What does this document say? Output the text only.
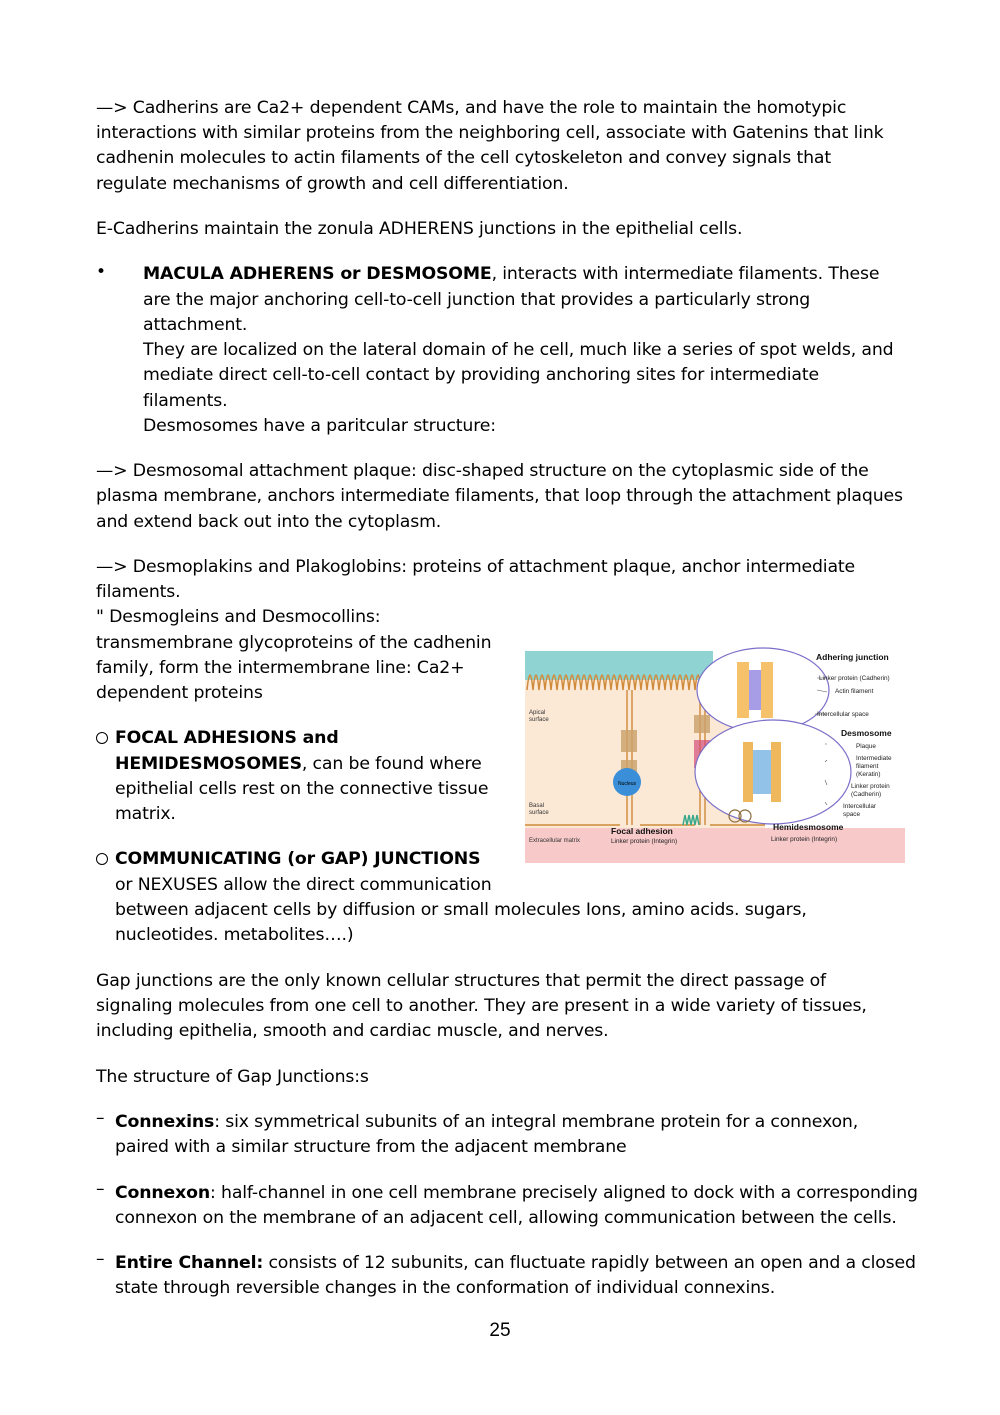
—> Cadherins are Ca2+ dependent CAMs, and have the role to maintain the homotypic
interactions with similar proteins from the neighboring cell, associate with Gatenins that link
cadhenin molecules to actin filaments of the cell cytoskeleton and convey signals that
regulate mechanisms of growth and cell differentiation.
E-Cadherins maintain the zonula ADHERENS junctions in the epithelial cells.
• MACULA ADHERENS or DESMOSOME, interacts with intermediate filaments. These
are the major anchoring cell-to-cell junction that provides a particularly strong
attachment.
They are localized on the lateral domain of he cell, much like a series of spot welds, and
mediate direct cell-to-cell contact by providing anchoring sites for intermediate
filaments.
Desmosomes have a paritcular structure:
—> Desmosomal attachment plaque: disc-shaped structure on the cytoplasmic side of the
plasma membrane, anchors intermediate filaments, that loop through the attachment plaques
and extend back out into the cytoplasm.
—> Desmoplakins and Plakoglobins: proteins of attachment plaque, anchor intermediate
filaments.
" Desmogleins and Desmocollins:
transmembrane glycoproteins of the cadhenin
family, form the intermembrane line: Ca2+
dependent proteins
FOCAL ADHESIONS and
HEMIDESMOSOMES, can be found where
epithelial cells rest on the connective tissue
matrix.
COMMUNICATING (or GAP) JUNCTIONS
or NEXUSES allow the direct communication
between adjacent cells by diffusion or small molecules Ions, amino acids. sugars,
nucleotides. metabolites….)
Nucleus
Adhering junction
Linker protein (Cadherin)
Actin filament
Intercellular space
Desmosome
Plaque
Intermediate
filament
(Keratin)
Linker protein
(Cadherin)
Intercellular
space
Apical
surface
Basal
surface
Focal adhesion
Linker protein (Integrin)
Hemidesmosome
Linker protein (Integrin)
Extracellular matrix
Gap junctions are the only known cellular structures that permit the direct passage of
signaling molecules from one cell to another. They are present in a wide variety of tissues,
including epithelia, smooth and cardiac muscle, and nerves.
The structure of Gap Junctions:s
– Connexins: six symmetrical subunits of an integral membrane protein for a connexon,
paired with a similar structure from the adjacent membrane
– Connexon: half-channel in one cell membrane precisely aligned to dock with a corresponding
connexon on the membrane of an adjacent cell, allowing communication between the cells.
– Entire Channel: consists of 12 subunits, can fluctuate rapidly between an open and a closed
state through reversible changes in the conformation of individual connexins.
25
